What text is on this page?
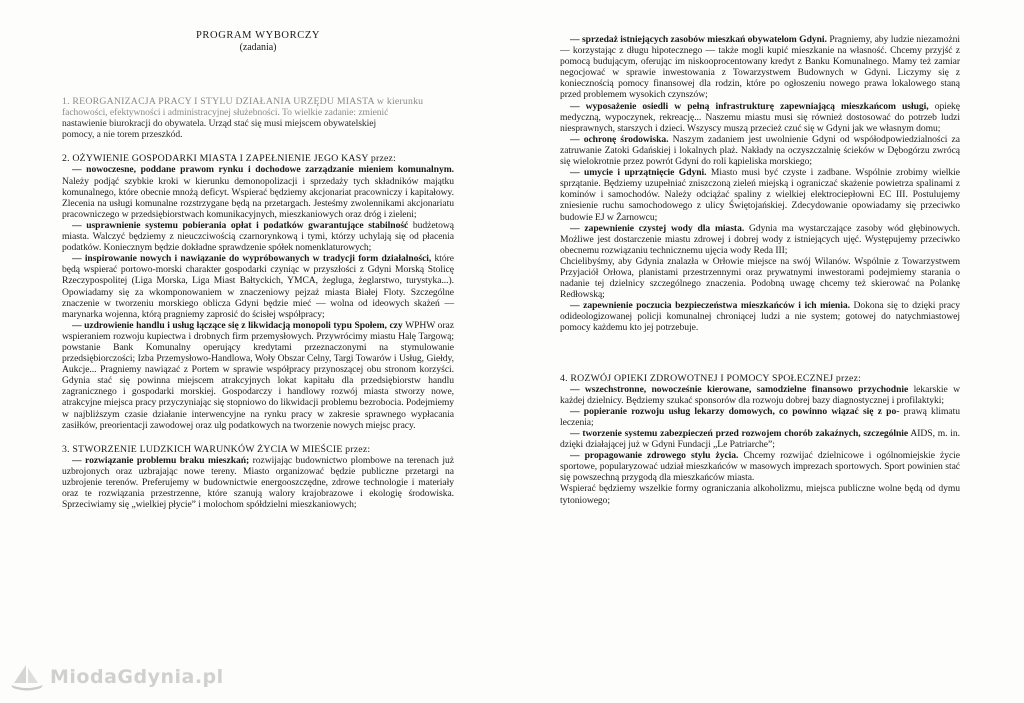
PROGRAM WYBORCZY
(zadania)

1. REORGANIZACJA PRACY I STYLU DZIAŁANIA URZĘDU MIASTA w kierunku

fachowości, efektywności i administracyjnej służebności. To wielkie zadanie: zmienić

nastawienie biurokracji do obywatela. Urząd stać się musi miejscem obywatelskiej

pomocy, a nie torem przeszkód.

2. OŻYWIENIE GOSPODARKI MIASTA I ZAPEŁNIENIE JEGO KASY przez:

— nowoczesne, poddane prawom rynku i dochodowe zarządzanie mieniem komunalnym. Należy podjąć szybkie kroki w kierunku demonopolizacji i sprzedaży tych składników majątku komunalnego, które obecnie mnożą deficyt. Wspierać będziemy akcjonariat pracowniczy i kapitałowy. Zlecenia na usługi komunalne rozstrzygane będą na przetargach. Jesteśmy zwolennikami akcjonariatu pracowniczego w przedsiębiorstwach komunikacyjnych, mieszkaniowych oraz dróg i zieleni;

— usprawnienie systemu pobierania opłat i podatków gwarantujące stabilność budżetową miasta. Walczyć będziemy z nieuczciwością czarnorynkową i tymi, którzy uchylają się od płacenia podatków. Koniecznym będzie dokładne sprawdzenie spółek nomenklaturowych;

— inspirowanie nowych i nawiązanie do wypróbowanych w tradycji form działalności, które będą wspierać portowo-morski charakter gospodarki czyniąc w przyszłości z Gdyni Morską Stolicę Rzeczypospolitej (Liga Morska, Liga Miast Bałtyckich, YMCA, żegluga, żeglarstwo, turystyka...). Opowiadamy się za wkomponowaniem w znaczeniowy pejzaż miasta Białej Floty. Szczególne znaczenie w tworzeniu morskiego oblicza Gdyni będzie mieć — wolna od ideowych skażeń — marynarka wojenna, którą pragniemy zaprosić do ścisłej współpracy;

— uzdrowienie handlu i usług łączące się z likwidacją monopoli typu Społem, czy WPHW oraz wspieraniem rozwoju kupiectwa i drobnych firm przemysłowych. Przywrócimy miastu Halę Targową; powstanie Bank Komunalny operujący kredytami przeznaczonymi na stymulowanie przedsiębiorczości; Izba Przemysłowo-Handlowa, Woły Obszar Celny, Targi Towarów i Usług, Giełdy, Aukcje... Pragniemy nawiązać z Portem w sprawie współpracy przynoszącej obu stronom korzyści. Gdynia stać się powinna miejscem atrakcyjnych lokat kapitału dla przedsiębiorstw handlu zagranicznego i gospodarki morskiej. Gospodarczy i handlowy rozwój miasta stworzy nowe, atrakcyjne miejsca pracy przyczyniając się stopniowo do likwidacji problemu bezrobocia. Podejmiemy w najbliższym czasie działanie interwencyjne na rynku pracy w zakresie sprawnego wypłacania zasiłków, preorientacji zawodowej oraz ulg podatkowych na tworzenie nowych miejsc pracy.

3. STWORZENIE LUDZKICH WARUNKÓW ŻYCIA W MIEŚCIE przez:

— rozwiązanie problemu braku mieszkań; rozwijając budownictwo plombowe na terenach już uzbrojonych oraz uzbrajając nowe tereny. Miasto organizować będzie publiczne przetargi na uzbrojenie terenów. Preferujemy w budownictwie energooszczędne, zdrowe technologie i materiały oraz te rozwiązania przestrzenne, które szanują walory krajobrazowe i ekologię środowiska. Sprzeciwiamy się „wielkiej płycie” i molochom spółdzielni mieszkaniowych;

— sprzedaż istniejących zasobów mieszkań obywatelom Gdyni. Pragniemy, aby ludzie niezamożni — korzystając z długu hipotecznego — także mogli kupić mieszkanie na własność. Chcemy przyjść z pomocą budującym, oferując im niskooprocentowany kredyt z Banku Komunalnego. Mamy też zamiar negocjować w sprawie inwestowania z Towarzystwem Budownych w Gdyni. Liczymy się z koniecznością pomocy finansowej dla rodzin, które po ogłoszeniu nowego prawa lokalowego staną przed problemem wysokich czynszów;

— wyposażenie osiedli w pełną infrastrukturę zapewniającą mieszkańcom usługi, opiekę medyczną, wypoczynek, rekreację... Naszemu miastu musi się również dostosować do potrzeb ludzi niesprawnych, starszych i dzieci. Wszyscy muszą przecież czuć się w Gdyni jak we własnym domu;

— ochronę środowiska. Naszym zadaniem jest uwolnienie Gdyni od współodpowiedzialności za zatruwanie Zatoki Gdańskiej i lokalnych plaż. Nakłady na oczyszczalnię ścieków w Dębogórzu zwrócą się wielokrotnie przez powrót Gdyni do roli kąpieliska morskiego;

— umycie i uprzątnięcie Gdyni. Miasto musi być czyste i zadbane. Wspólnie zrobimy wielkie sprzątanie. Będziemy uzupełniać zniszczoną zieleń miejską i ograniczać skażenie powietrza spalinami z kominów i samochodów. Należy odciążać spaliny z wielkiej elektrociepłowni EC III. Postulujemy zniesienie ruchu samochodowego z ulicy Świętojańskiej. Zdecydowanie opowiadamy się przeciwko budowie EJ w Żarnowcu;

— zapewnienie czystej wody dla miasta. Gdynia ma wystarczające zasoby wód głębinowych. Możliwe jest dostarczenie miastu zdrowej i dobrej wody z istniejących ujęć. Występujemy przeciwko obecnemu rozwiązaniu technicznemu ujęcia wody Reda III;

Chcielibyśmy, aby Gdynia znalazła w Orłowie miejsce na swój Wilanów. Wspólnie z Towarzystwem Przyjaciół Orłowa, planistami przestrzennymi oraz prywatnymi inwestorami podejmiemy starania o nadanie tej dzielnicy szczególnego znaczenia. Podobną uwagę chcemy też skierować na Polankę Redłowską;

— zapewnienie poczucia bezpieczeństwa mieszkańców i ich mienia. Dokona się to dzięki pracy odideologizowanej policji komunalnej chroniącej ludzi a nie system; gotowej do natychmiastowej pomocy każdemu kto jej potrzebuje.

4. ROZWÓJ OPIEKI ZDROWOTNEJ I POMOCY SPOŁECZNEJ przez:

— wszechstronne, nowocześnie kierowane, samodzielne finansowo przychodnie lekarskie w każdej dzielnicy. Będziemy szukać sponsorów dla rozwoju dobrej bazy diagnostycznej i profilaktyki;

— popieranie rozwoju usług lekarzy domowych, co powinno wiązać się z po- prawą klimatu leczenia;

— tworzenie systemu zabezpieczeń przed rozwojem chorób zakaźnych, szczególnie AIDS, m. in. dzięki działającej już w Gdyni Fundacji „Le Patriarche”;

— propagowanie zdrowego stylu życia. Chcemy rozwijać dzielnicowe i ogólnomiejskie życie sportowe, popularyzować udział mieszkańców w masowych imprezach sportowych. Sport powinien stać się powszechną przygodą dla mieszkańców miasta.

Wspierać będziemy wszelkie formy ograniczania alkoholizmu, miejsca publiczne wolne będą od dymu tytoniowego;

MiodaGdynia.pl
